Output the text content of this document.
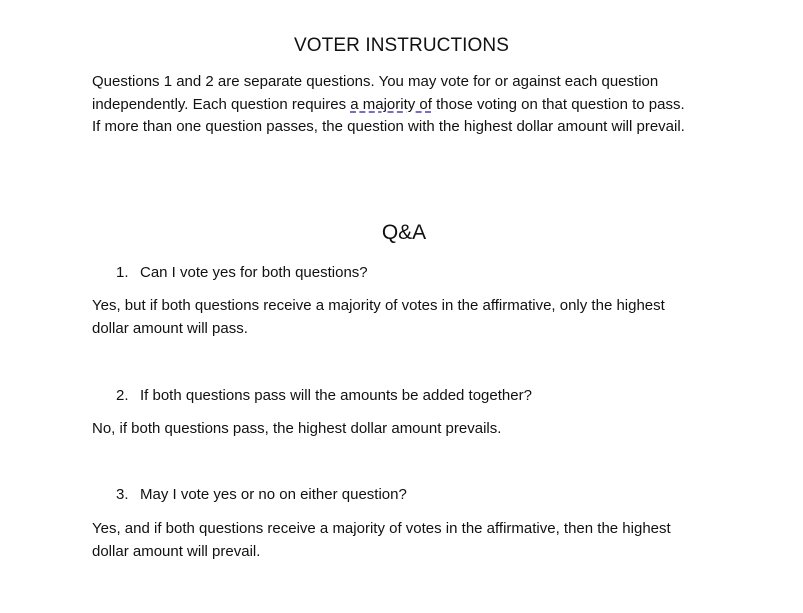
VOTER INSTRUCTIONS

Questions 1 and 2 are separate questions. You may vote for or against each question
independently. Each question requires a majority of those voting on that question to pass.
If more than one question passes, the question with the highest dollar amount will prevail.

Q&A

1. Can I vote yes for both questions?

Yes, but if both questions receive a majority of votes in the affirmative, only the highest
dollar amount will pass.

2. If both questions pass will the amounts be added together?

No, if both questions pass, the highest dollar amount prevails.

3. May I vote yes or no on either question?

Yes, and if both questions receive a majority of votes in the affirmative, then the highest
dollar amount will prevail.
